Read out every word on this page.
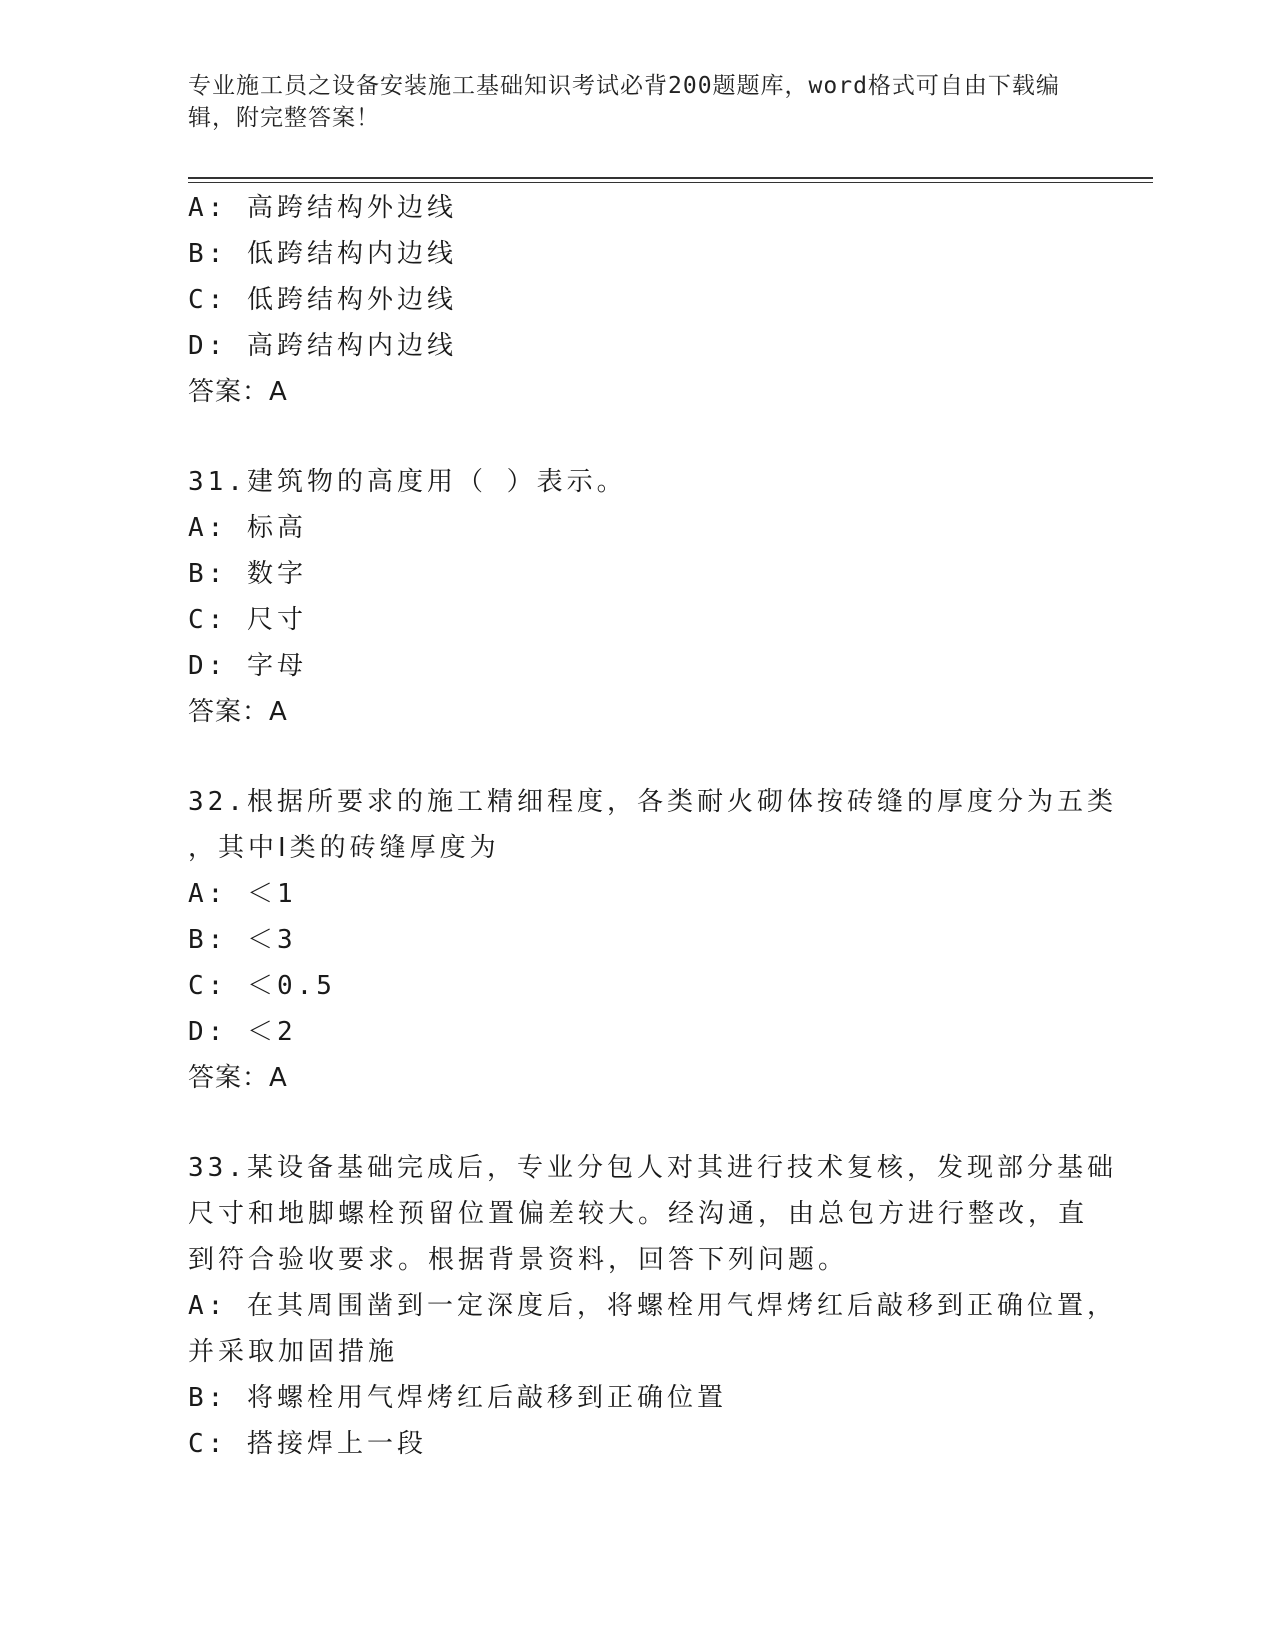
专业施工员之设备安装施工基础知识考试必背200题题库，word格式可自由下载编辑，附完整答案！
A: 高跨结构外边线
B: 低跨结构内边线
C: 低跨结构外边线
D: 高跨结构内边线
答案：A
31.建筑物的高度用（ ）表示。
A: 标高
B: 数字
C: 尺寸
D: 字母
答案：A
32.根据所要求的施工精细程度，各类耐火砌体按砖缝的厚度分为五类
，其中Ⅰ类的砖缝厚度为
A: ＜1
B: ＜3
C: ＜0.5
D: ＜2
答案：A
33.某设备基础完成后，专业分包人对其进行技术复核，发现部分基础
尺寸和地脚螺栓预留位置偏差较大。经沟通，由总包方进行整改，直
到符合验收要求。根据背景资料，回答下列问题。
A: 在其周围凿到一定深度后，将螺栓用气焊烤红后敲移到正确位置，
并采取加固措施
B: 将螺栓用气焊烤红后敲移到正确位置
C: 搭接焊上一段
